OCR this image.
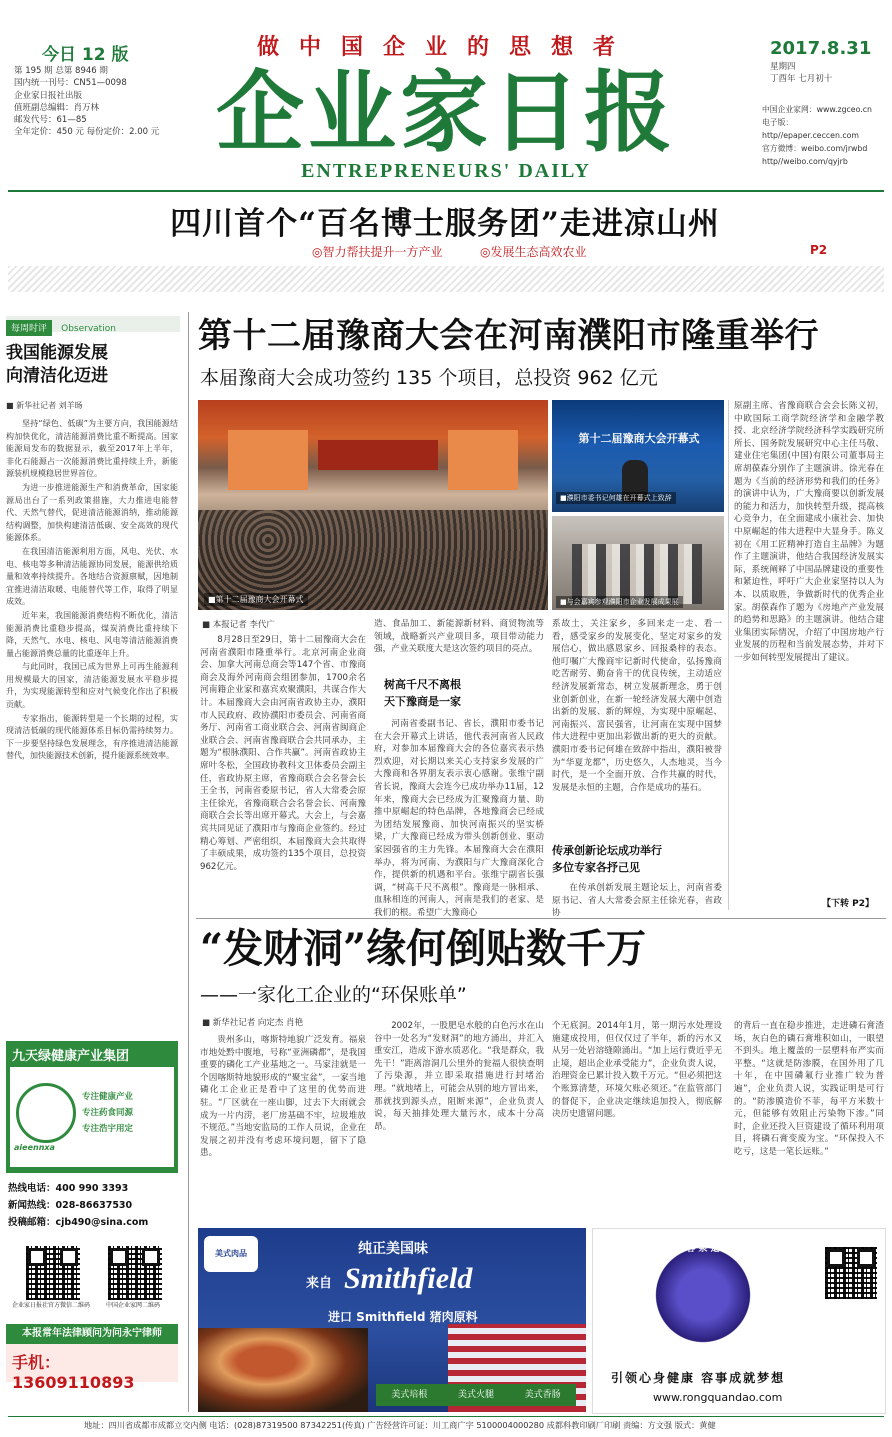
今日 12 版
第 195 期 总第 8946 期
国内统一刊号：CN51—0098
企业家日报社出版
值班副总编辑：肖万林
邮发代号：61—85
全年定价：450 元 每份定价：2.00 元
做中国企业的思想者
企业家日报
ENTREPRENEURS' DAILY
2017.8.31
星期四
丁酉年 七月初十
中国企业家网：www.zgceo.cn
电子版：http//epaper.ceccen.com
官方微博：weibo.com/jrwbd
http//weibo.com/qyjrb
四川首个“百名博士服务团”走进凉山州
◎智力帮扶提升一方产业	◎发展生态高效农业	P2
每周时评 Observation
我国能源发展
向清洁化迈进
■ 新华社记者 刘羊旸

坚持“绿色、低碳”为主要方向，我国能源结构加快优化，清洁能源消费比重不断提高。国家能源局发布的数据显示，截至2017年上半年，非化石能源占一次能源消费比重持续上升，新能源装机规模稳居世界首位。

为进一步推进能源生产和消费革命，国家能源局出台了一系列政策措施，大力推进电能替代、天然气替代，促进清洁能源消纳，推动能源结构调整，加快构建清洁低碳、安全高效的现代能源体系。

在我国清洁能源利用方面，风电、光伏、水电、核电等多种清洁能源协同发展，能源供给质量和效率持续提升。各地结合资源禀赋，因地制宜推进清洁取暖、电能替代等工作，取得了明显成效。

近年来，我国能源消费结构不断优化，清洁能源消费比重稳步提高，煤炭消费比重持续下降，天然气、水电、核电、风电等清洁能源消费量占能源消费总量的比重逐年上升。

与此同时，我国已成为世界上可再生能源利用规模最大的国家，清洁能源发展水平稳步提升，为实现能源转型和应对气候变化作出了积极贡献。

专家指出，能源转型是一个长期的过程，实现清洁低碳的现代能源体系目标仍需持续努力。下一步要坚持绿色发展理念，有序推进清洁能源替代，加快能源技术创新，提升能源系统效率。

九天绿健康产业集团
aieennxa
专注健康产业
专注药食同源
专注浩宇用定
热线电话：400 990 3393
新闻热线：028-86637530
投稿邮箱：cjb490@sina.com
企业家日报社官方微信二维码	中国企业家网二维码
本报常年法律顾问为问永宁律师
手机：13609110893
第十二届豫商大会在河南濮阳市隆重举行
本届豫商大会成功签约 135 个项目，总投资 962 亿元
■第十二届豫商大会开幕式
第十二届豫商大会开幕式
■濮阳市委书记何雄在开幕式上致辞
■与会嘉宾参观濮阳市企业发展成果展
■ 本报记者 李代广
8月28日至29日，第十二届豫商大会在河南省濮阳市隆重举行。北京河南企业商会、加拿大河南总商会等147个省、市豫商商会及海外河南商会组团参加，1700余名河南籍企业家和嘉宾欢聚濮阳，共谋合作大计。本届豫商大会由河南省政协主办，濮阳市人民政府、政协濮阳市委员会、河南省商务厅、河南省工商业联合会、河南省闽商企业联合会、河南省豫商联合会共同承办，主题为“根脉濮阳、合作共赢”。河南省政协主席叶冬松，全国政协教科文卫体委员会副主任，省政协原主席，省豫商联合会名誉会长王全书，河南省委原书记，省人大常委会原主任徐光，省豫商联合会名誉会长、河南豫商联合会长等出席开幕式。大会上，与会嘉宾共同见证了濮阳市与豫商企业签约。经过精心筹划、严密组织，本届豫商大会共取得了丰硕成果，成功签约135个项目，总投资962亿元。
造、食品加工、新能源新材料、商贸物流等领域，战略新兴产业项目多，项目带动能力强，产业关联度大是这次签约项目的亮点。
树高千尺不离根
天下豫商是一家
河南省委副书记、省长，濮阳市委书记在大会开幕式上讲话，他代表河南省人民政府，对参加本届豫商大会的各位嘉宾表示热烈欢迎，对长期以来关心支持家乡发展的广大豫商和各界朋友表示衷心感谢。张维宁副省长说，豫商大会连今已成功举办11届，12年来，豫商大会已经成为汇聚豫商力量、助推中原崛起的特色品牌，各地豫商会已经成为团结发展豫商、加快河南振兴的坚实桥梁，广大豫商已经成为带头创新创业、驱动家园强省的主力先锋。本届豫商大会在濮阳举办，将为河南、为濮阳与广大豫商深化合作，提供新的机遇和平台。张维宁副省长强调，“树高千尺不离根”。豫商是一脉相承、血脉相连的河南人，河南是我们的老家、是我们的根。希望广大豫商心
系故土，关注家乡，多回来走一走、看一看，感受家乡的发展变化，坚定对家乡的发展信心，做出感恩家乡、回报桑梓的表态。他叮嘱广大豫商牢记新时代使命，弘扬豫商吃苦耐劳、勤奋肯干的优良传统，主动适应经济发展新常态，树立发展新理念，勇于创业创新创业，在新一轮经济发展大潮中创造出新的发展、新的辉煌，为实现中原崛起、河南振兴、富民强省，让河南在实现中国梦伟大进程中更加出彩做出新的更大的贡献。濮阳市委书记何雄在致辞中指出，濮阳被誉为“华夏龙都”，历史悠久，人杰地灵，当今时代，是一个全面开放、合作共赢的时代，发展是永恒的主题，合作是成功的基石。
传承创新论坛成功举行
多位专家各抒己见
在传承创新发展主题论坛上，河南省委原书记、省人大常委会原主任徐光春，省政协
原副主席、省豫商联合会会长陈义初，中欧国际工商学院经济学和金融学教授、北京经济学院经济科学实践研究所所长、国务院发展研究中心主任马敬、建业住宅集团(中国)有限公司董事局主席胡葆森分别作了主题演讲。徐光春在题为《当前的经济形势和我们的任务》的演讲中认为，广大豫商要以创新发展的能力和活力，加快转型升级，提高核心竞争力，在全面建成小康社会、加快中原崛起的伟大进程中大显身手。陈义初在《用工匠精神打造自主品牌》为题作了主题演讲，他结合我国经济发展实际，系统阐释了中国品牌建设的重要性和紧迫性，呼吁广大企业家坚持以人为本、以质取胜，争做新时代的优秀企业家。胡葆森作了题为《房地产产业发展的趋势和思路》的主题演讲。他结合建业集团实际情况，介绍了中国房地产行业发展的历程和当前发展态势，并对下一步如何转型发展提出了建议。
【下转 P2】
“发财洞”缘何倒贴数千万
——一家化工企业的“环保账单”
■ 新华社记者 向定杰 肖艳
贵州多山，喀斯特地貌广泛发育。福泉市地处黔中腹地，号称“亚洲磷都”，是我国重要的磷化工产业基地之一。马家洼就是一个因喀斯特地貌形成的“聚宝盆”，一家当地磷化工企业正是看中了这里的优势而进驻。“厂区就在一座山脚，过去下大雨就会成为一片内涝，老厂房基础不牢，垃圾堆放不规范。”当地安监局的工作人员说，企业在发展之初并没有考虑环境问题，留下了隐患。
2002年，一股肥皂水般的白色污水在山谷中一处名为“发财洞”的地方涌出，并汇入重安江，造成下游水质恶化。“我是群众，我先干！”距离溶洞几公里外的瓮福人很快查明了污染源，并立即采取措施进行封堵治理。“就地堵上，可能会从别的地方冒出来，那就找到源头点，阻断来源”，企业负责人说，每天抽排处理大量污水，成本十分高昂。
个无底洞。2014年1月，第一期污水处理设施建成投用，但仅仅过了半年，新的污水又从另一处岩溶缝隙涌出。“加上运行费近乎无止境，超出企业承受能力”，企业负责人说，治理资金已累计投入数千万元。“但必须把这个账算清楚，环境欠账必须还。”在监管部门的督促下，企业决定继续追加投入，彻底解决历史遗留问题。
的背后一直在稳步推进，走进磷石膏渣场，灰白色的磷石膏堆积如山，一眼望不到头。地上覆盖的一层塑料布严实而平整。“这就是防渗膜，在国外用了几十年，在中国磷氟行业推广较为普遍”，企业负责人说，实践证明是可行的。“防渗膜造价不菲，每平方米数十元，但能够有效阻止污染物下渗。”同时，企业还投入巨资建设了循环利用项目，将磷石膏变废为宝。“环保投入不吃亏，这是一笔长远账。”
纯正美国味
来自 Smithfield
进口 Smithfield 猪肉原料
美式肉品
美式培根	美式火腿	美式香肠
容 泉 道
引领心身健康 容事成就梦想
www.rongquandao.com
地址：四川省成都市成都立交内侧 电话：(028)87319500 87342251(传真) 广告经营许可证：川工商广字 5100004000280 成都科教印刷厂印刷 责编：方文强 版式：黄健
